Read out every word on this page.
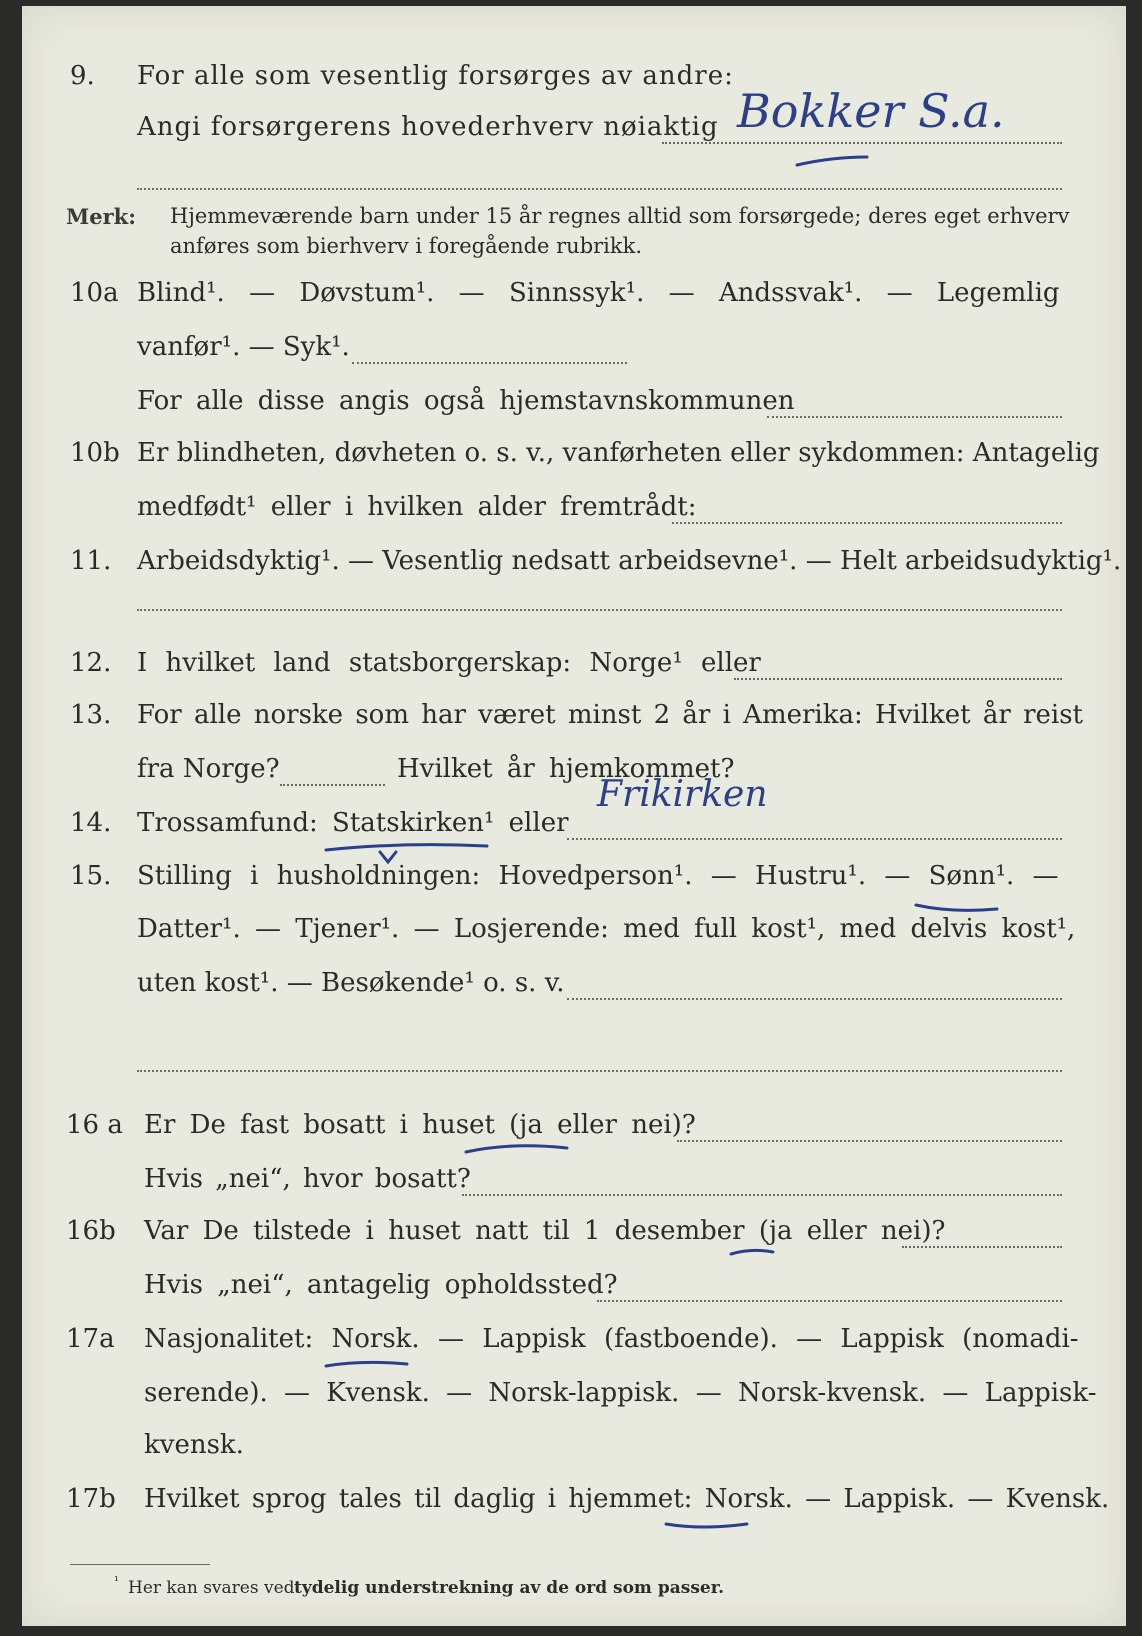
9. For alle som vesentlig forsørges av andre:
Angi forsørgerens hovederhverv nøiaktig Bokker S.a.
Merk: Hjemmeværende barn under 15 år regnes alltid som forsørgede; deres eget erhverv
anføres som bierhverv i foregående rubrikk.
10a Blind¹. — Døvstum¹. — Sinnssyk¹. — Andssvak¹. — Legemlig
vanfør¹. — Syk¹.
For alle disse angis også hjemstavnskommunen
10b Er blindheten, døvheten o. s. v., vanførheten eller sykdommen: Antagelig
medfødt¹ eller i hvilken alder fremtrådt:
11. Arbeidsdyktig¹. — Vesentlig nedsatt arbeidsevne¹. — Helt arbeidsudyktig¹.
12. I hvilket land statsborgerskap: Norge¹ eller
13. For alle norske som har været minst 2 år i Amerika: Hvilket år reist
fra Norge?	Hvilket år hjemkommet?
14. Trossamfund: Statskirken¹ eller
Frikirken
15. Stilling i husholdningen: Hovedperson¹. — Hustru¹. — Sønn¹. —
Datter¹. — Tjener¹. — Losjerende: med full kost¹, med delvis kost¹,
uten kost¹. — Besøkende¹ o. s. v.
16 a Er De fast bosatt i huset (ja eller nei)?
Hvis „nei“, hvor bosatt?
16b Var De tilstede i huset natt til 1 desember (ja eller nei)?
Hvis „nei“, antagelig opholdssted?
17a Nasjonalitet: Norsk. — Lappisk (fastboende). — Lappisk (nomadi-
serende). — Kvensk. — Norsk-lappisk. — Norsk-kvensk. — Lappisk-
kvensk.
17b Hvilket sprog tales til daglig i hjemmet: Norsk. — Lappisk. — Kvensk.
¹ Her kan svares ved tydelig understrekning av de ord som passer.
